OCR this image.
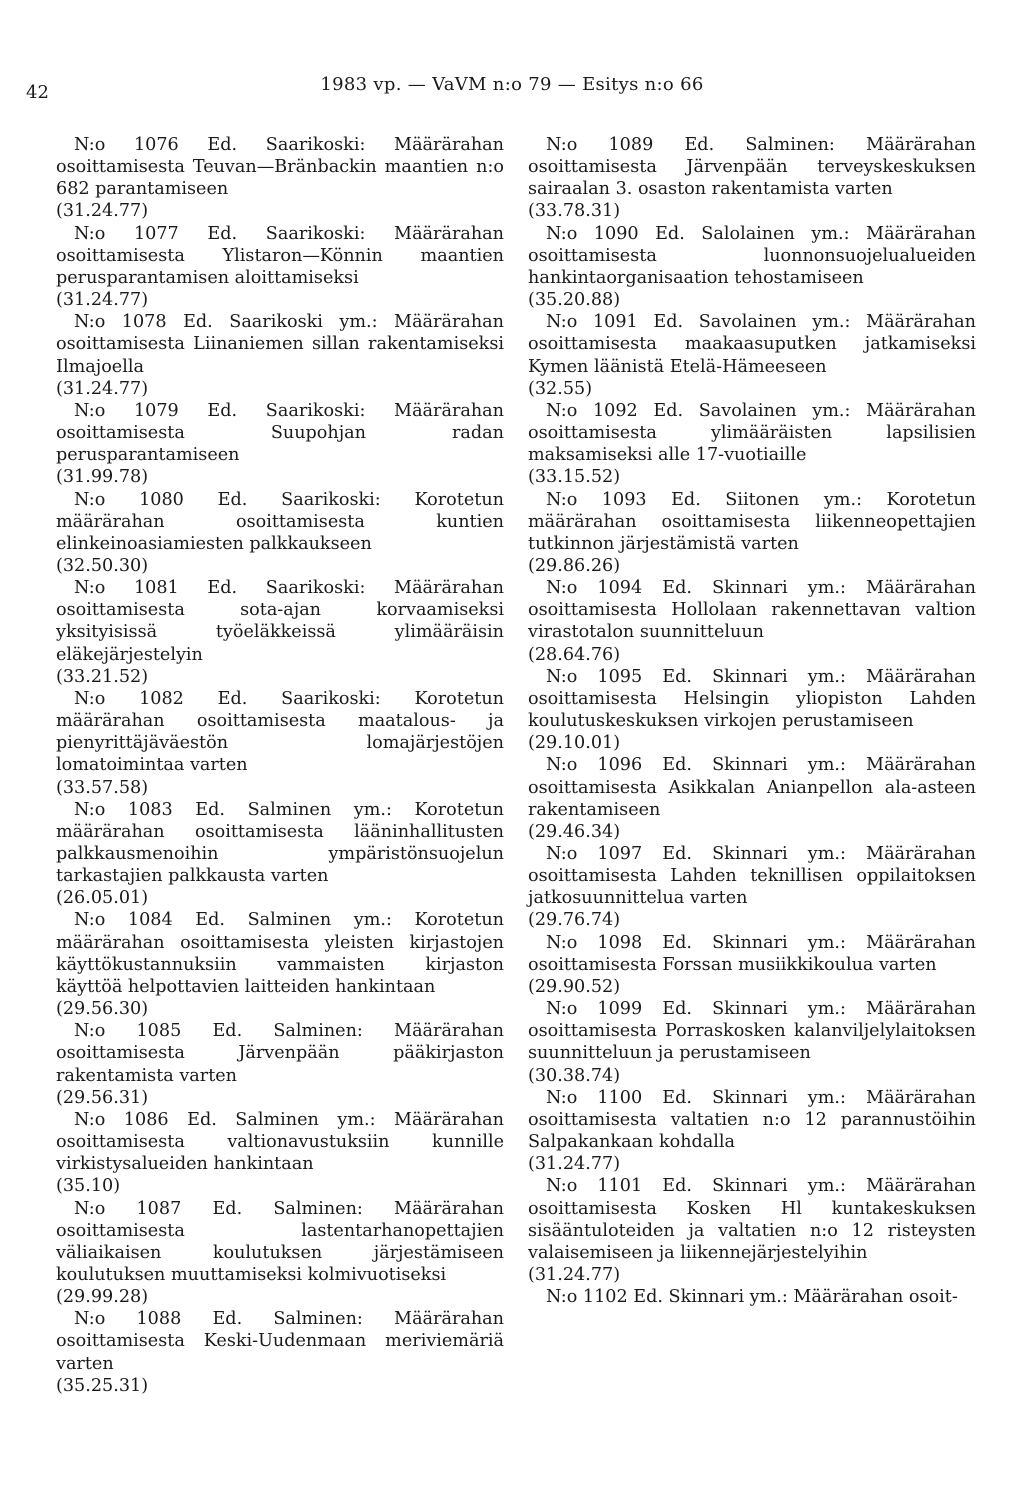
42	1983 vp. — VaVM n:o 79 — Esitys n:o 66

N:o 1076 Ed. Saarikoski: Määrärahan osoittamisesta Teuvan—Bränbackin maantien n:o 682 parantamiseen

(31.24.77)

N:o 1077 Ed. Saarikoski: Määrärahan osoittamisesta Ylistaron—Könnin maantien perusparantamisen aloittamiseksi

(31.24.77)

N:o 1078 Ed. Saarikoski ym.: Määrärahan osoittamisesta Liinaniemen sillan rakentamiseksi Ilmajoella

(31.24.77)

N:o 1079 Ed. Saarikoski: Määrärahan osoittamisesta Suupohjan radan perusparantamiseen

(31.99.78)

N:o 1080 Ed. Saarikoski: Korotetun määrärahan osoittamisesta kuntien elinkeinoasiamiesten palkkaukseen

(32.50.30)

N:o 1081 Ed. Saarikoski: Määrärahan osoittamisesta sota-ajan korvaamiseksi yksityisissä työeläkkeissä ylimääräisin eläkejärjestelyin

(33.21.52)

N:o 1082 Ed. Saarikoski: Korotetun määrärahan osoittamisesta maatalous- ja pienyrittäjäväestön lomajärjestöjen lomatoimintaa varten

(33.57.58)

N:o 1083 Ed. Salminen ym.: Korotetun määrärahan osoittamisesta lääninhallitusten palkkausmenoihin ympäristönsuojelun tarkastajien palkkausta varten

(26.05.01)

N:o 1084 Ed. Salminen ym.: Korotetun määrärahan osoittamisesta yleisten kirjastojen käyttökustannuksiin vammaisten kirjaston käyttöä helpottavien laitteiden hankintaan

(29.56.30)

N:o 1085 Ed. Salminen: Määrärahan osoittamisesta Järvenpään pääkirjaston rakentamista varten

(29.56.31)

N:o 1086 Ed. Salminen ym.: Määrärahan osoittamisesta valtionavustuksiin kunnille virkistysalueiden hankintaan

(35.10)

N:o 1087 Ed. Salminen: Määrärahan osoittamisesta lastentarhanopettajien väliaikaisen koulutuksen järjestämiseen koulutuksen muuttamiseksi kolmivuotiseksi

(29.99.28)

N:o 1088 Ed. Salminen: Määrärahan osoittamisesta Keski-Uudenmaan meriviemäriä varten

(35.25.31)

N:o 1089 Ed. Salminen: Määrärahan osoittamisesta Järvenpään terveyskeskuksen sairaalan 3. osaston rakentamista varten

(33.78.31)

N:o 1090 Ed. Salolainen ym.: Määrärahan osoittamisesta luonnonsuojelualueiden hankintaorganisaation tehostamiseen

(35.20.88)

N:o 1091 Ed. Savolainen ym.: Määrärahan osoittamisesta maakaasuputken jatkamiseksi Kymen läänistä Etelä-Hämeeseen

(32.55)

N:o 1092 Ed. Savolainen ym.: Määrärahan osoittamisesta ylimääräisten lapsilisien maksamiseksi alle 17-vuotiaille

(33.15.52)

N:o 1093 Ed. Siitonen ym.: Korotetun määrärahan osoittamisesta liikenneopettajien tutkinnon järjestämistä varten

(29.86.26)

N:o 1094 Ed. Skinnari ym.: Määrärahan osoittamisesta Hollolaan rakennettavan valtion virastotalon suunnitteluun

(28.64.76)

N:o 1095 Ed. Skinnari ym.: Määrärahan osoittamisesta Helsingin yliopiston Lahden koulutuskeskuksen virkojen perustamiseen

(29.10.01)

N:o 1096 Ed. Skinnari ym.: Määrärahan osoittamisesta Asikkalan Anianpellon ala-asteen rakentamiseen

(29.46.34)

N:o 1097 Ed. Skinnari ym.: Määrärahan osoittamisesta Lahden teknillisen oppilaitoksen jatkosuunnittelua varten

(29.76.74)

N:o 1098 Ed. Skinnari ym.: Määrärahan osoittamisesta Forssan musiikkikoulua varten

(29.90.52)

N:o 1099 Ed. Skinnari ym.: Määrärahan osoittamisesta Porraskosken kalanviljelylaitoksen suunnitteluun ja perustamiseen

(30.38.74)

N:o 1100 Ed. Skinnari ym.: Määrärahan osoittamisesta valtatien n:o 12 parannustöihin Salpakankaan kohdalla

(31.24.77)

N:o 1101 Ed. Skinnari ym.: Määrärahan osoittamisesta Kosken Hl kuntakeskuksen sisääntuloteiden ja valtatien n:o 12 risteysten valaisemiseen ja liikennejärjestelyihin

(31.24.77)

N:o 1102 Ed. Skinnari ym.: Määrärahan osoit-
